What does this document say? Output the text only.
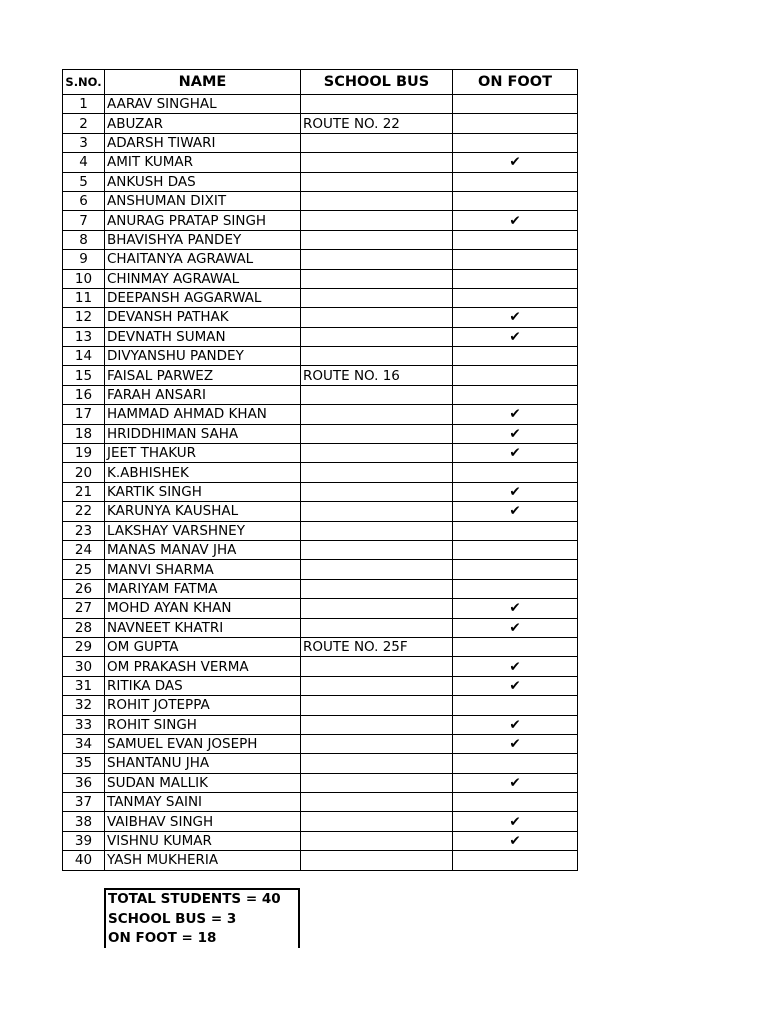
S.NO.	NAME	SCHOOL BUS	ON FOOT
1	AARAV SINGHAL		
2	ABUZAR	ROUTE NO. 22	
3	ADARSH TIWARI		
4	AMIT KUMAR		✔
5	ANKUSH DAS		
6	ANSHUMAN DIXIT		
7	ANURAG PRATAP SINGH		✔
8	BHAVISHYA PANDEY		
9	CHAITANYA AGRAWAL		
10	CHINMAY AGRAWAL		
11	DEEPANSH AGGARWAL		
12	DEVANSH PATHAK		✔
13	DEVNATH SUMAN		✔
14	DIVYANSHU PANDEY		
15	FAISAL PARWEZ	ROUTE NO. 16	
16	FARAH ANSARI		
17	HAMMAD AHMAD KHAN		✔
18	HRIDDHIMAN SAHA		✔
19	JEET THAKUR		✔
20	K.ABHISHEK		
21	KARTIK SINGH		✔
22	KARUNYA KAUSHAL		✔
23	LAKSHAY VARSHNEY		
24	MANAS MANAV JHA		
25	MANVI SHARMA		
26	MARIYAM FATMA		
27	MOHD AYAN KHAN		✔
28	NAVNEET KHATRI		✔
29	OM GUPTA	ROUTE NO. 25F	
30	OM PRAKASH VERMA		✔
31	RITIKA DAS		✔
32	ROHIT JOTEPPA		
33	ROHIT SINGH		✔
34	SAMUEL EVAN JOSEPH		✔
35	SHANTANU JHA		
36	SUDAN MALLIK		✔
37	TANMAY SAINI		
38	VAIBHAV SINGH		✔
39	VISHNU KUMAR		✔
40	YASH MUKHERIA		
TOTAL STUDENTS = 40
SCHOOL BUS = 3
ON FOOT = 18
